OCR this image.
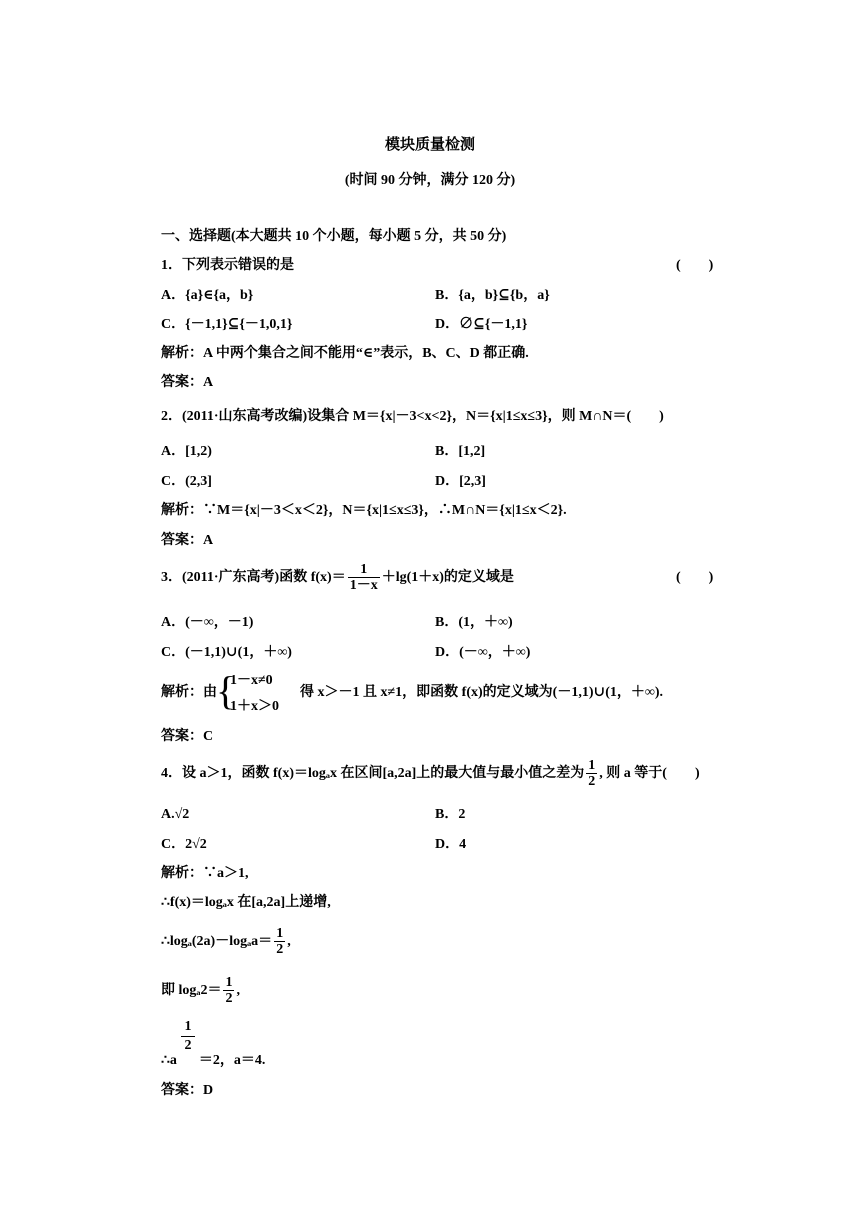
模块质量检测
(时间 90 分钟，满分 120 分)
一、选择题(本大题共 10 个小题，每小题 5 分，共 50 分)
1．下列表示错误的是	(　　)
A．{a}∈{a，b}	B．{a，b}⊆{b，a}
C．{－1,1}⊆{－1,0,1}	D．∅⊆{－1,1}
解析：A 中两个集合之间不能用“∈”表示，B、C、D 都正确.
答案：A
2．(2011·山东高考改编)设集合 M＝{x|－3<x<2}，N＝{x|1≤x≤3}，则 M∩N＝(　　)
A．[1,2)	B．[1,2]
C．(2,3]	D．[2,3]
解析：∵M＝{x|－3＜x＜2}，N＝{x|1≤x≤3}，∴M∩N＝{x|1≤x＜2}.
答案：A
3．(2011·广东高考)函数 $f(x)= \frac{1}{1-x} +\lg(1+x)$的定义域是	(　　)
A．(－∞，－1)	B．(1，＋∞)
C．(－1,1)∪(1，＋∞)	D．(－∞，＋∞)
解析：由 {
1－x≠0
1＋x＞0
得 x＞－1 且 x≠1，即函数 f(x)的定义域为(－1,1)∪(1，＋∞).
答案：C
4．设 a＞1，函数 f(x)＝logₐx 在区间[a,2a]上的最大值与最小值之差为 $\frac{1}{2}$ , 则 a 等于(　　)
A.√2	B．2
C．2√2	D．4
解析：∵a＞1,
∴f(x)＝logₐx 在[a,2a]上递增,
∴logₐ(2a)－logₐa＝ $\frac{1}{2}$ ,
即 $\log_a2= \frac{1}{2}$ ,
1
2
∴a ＝2，a＝4.
答案：D
